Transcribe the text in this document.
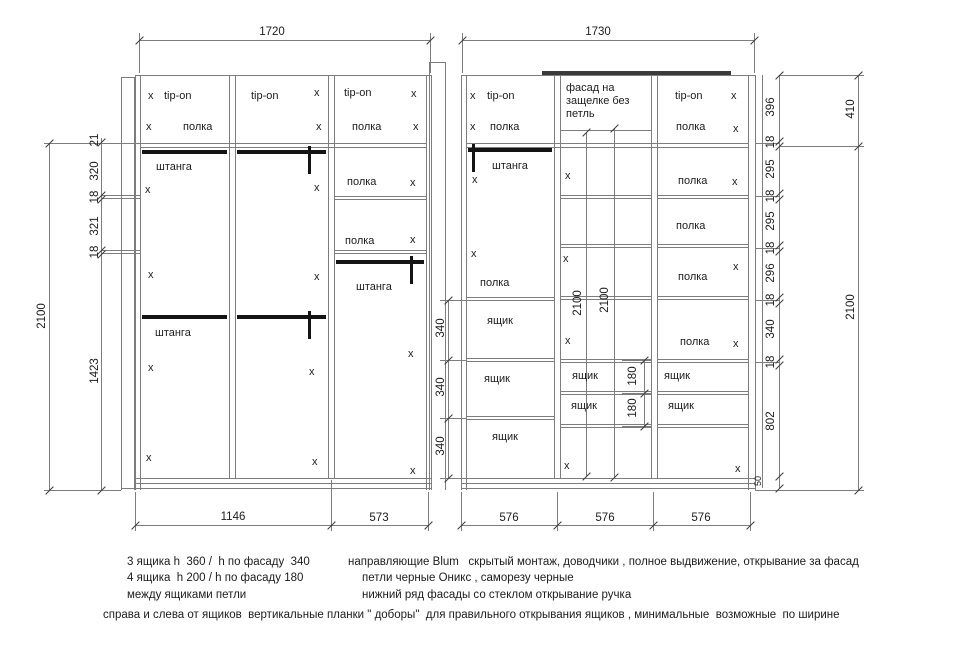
x tip-on
x	полка
tip-on	x
x
tip-on	x
полка	x
штанга
x
x
штанга
x
x
x
x
x
x
полка	x
полка	x
штанга
x
x
x tip-on
x полка
фасад на защелке без петль
tip-on	x
полка	x
штанга
x
x
полка
ящик
ящик
ящик
x
x
x
ящик
ящик
x
полка x
полка
x
полка
полка x
ящик
ящик
x
1720	1730
1146	573	576	576	576
2100
21
320
18
321
18
1423
340
340
340
2100 2100
180
180
396
18
295
18
295
18
296
18
340
18
802
50
410
2100
3 ящика h  360 /  h по фасаду  340
4 ящика  h 200 / h по фасаду 180
между ящиками петли
направляющие Blum   скрытый монтаж, доводчики , полное выдвижение, открывание за фасад
петли черные Оникс , саморезу черные
нижний ряд фасады со стеклом открывание ручка
справа и слева от ящиков  вертикальные планки " доборы"  для правильного открывания ящиков , минимальные  возможные  по ширине
